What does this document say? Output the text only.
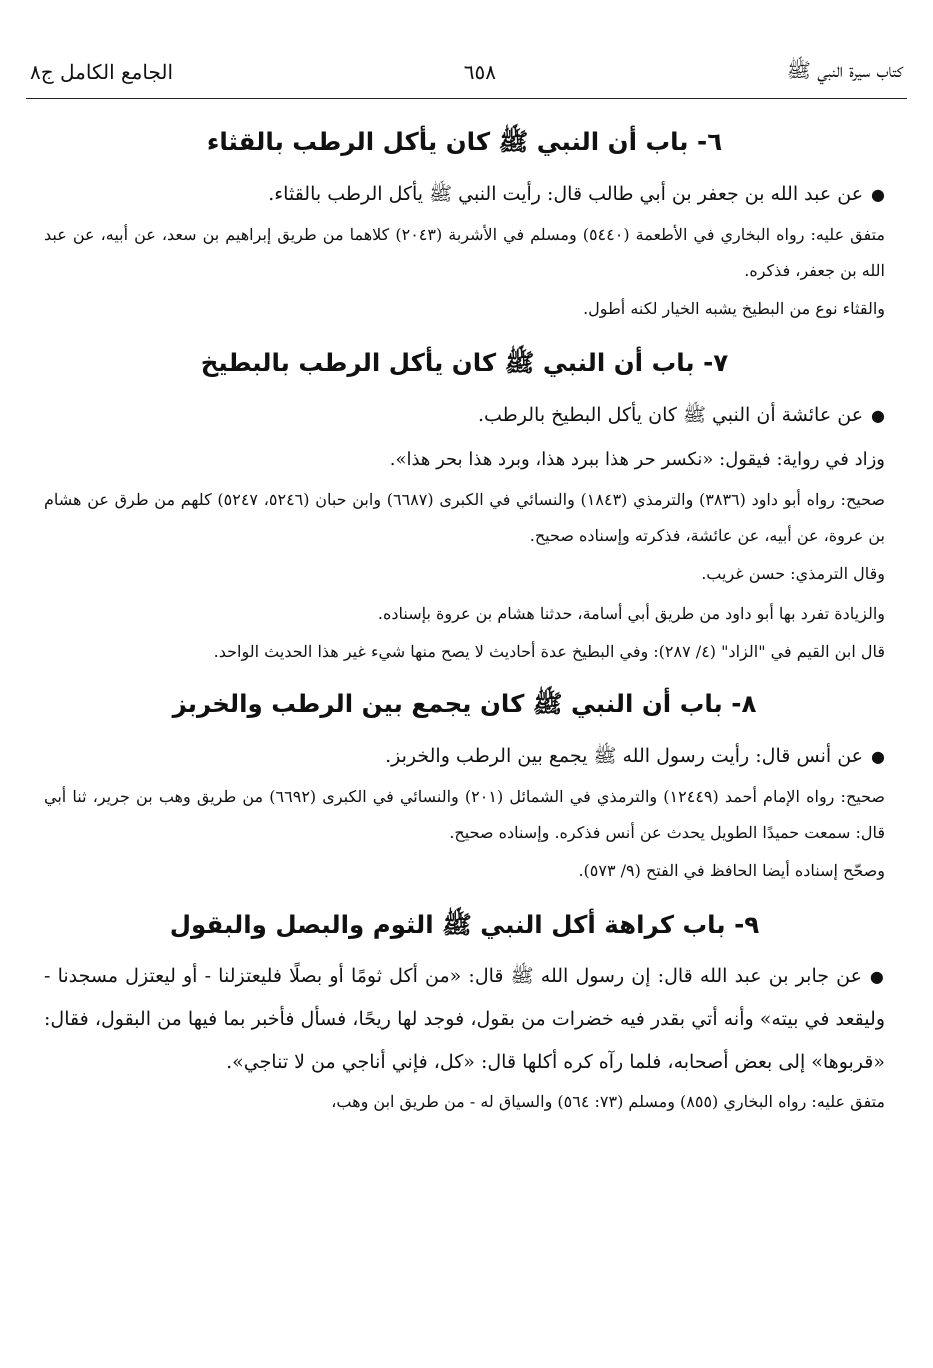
كتاب سيرة النبي ﷺ
٦٥٨
الجامع الكامل ج٨
٦- باب أن النبي ﷺ كان يأكل الرطب بالقثاء

●عن عبد الله بن جعفر بن أبي طالب قال: رأيت النبي ﷺ يأكل الرطب بالقثاء.

متفق عليه: رواه البخاري في الأطعمة (٥٤٤٠) ومسلم في الأشربة (٢٠٤٣) كلاهما من طريق إبراهيم بن سعد، عن أبيه، عن عبد الله بن جعفر، فذكره.

والقثاء نوع من البطيخ يشبه الخيار لكنه أطول.

٧- باب أن النبي ﷺ كان يأكل الرطب بالبطيخ

●عن عائشة أن النبي ﷺ كان يأكل البطيخ بالرطب.

وزاد في رواية: فيقول: «نكسر حر هذا ببرد هذا، وبرد هذا بحر هذا».

صحيح: رواه أبو داود (٣٨٣٦) والترمذي (١٨٤٣) والنسائي في الكبرى (٦٦٨٧) وابن حبان (٥٢٤٦، ٥٢٤٧) كلهم من طرق عن هشام بن عروة، عن أبيه، عن عائشة، فذكرته وإسناده صحيح.

وقال الترمذي: حسن غريب.

والزيادة تفرد بها أبو داود من طريق أبي أسامة، حدثنا هشام بن عروة بإسناده.

قال ابن القيم في "الزاد" (٤/ ٢٨٧): وفي البطيخ عدة أحاديث لا يصح منها شيء غير هذا الحديث الواحد.

٨- باب أن النبي ﷺ كان يجمع بين الرطب والخربز

●عن أنس قال: رأيت رسول الله ﷺ يجمع بين الرطب والخربز.

صحيح: رواه الإمام أحمد (١٢٤٤٩) والترمذي في الشمائل (٢٠١) والنسائي في الكبرى (٦٦٩٢) من طريق وهب بن جرير، ثنا أبي قال: سمعت حميدًا الطويل يحدث عن أنس فذكره. وإسناده صحيح.

وصحّح إسناده أيضا الحافظ في الفتح (٩/ ٥٧٣).

٩- باب كراهة أكل النبي ﷺ الثوم والبصل والبقول

●عن جابر بن عبد الله قال: إن رسول الله ﷺ قال: «من أكل ثومًا أو بصلًا فليعتزلنا - أو ليعتزل مسجدنا - وليقعد في بيته» وأنه أتي بقدر فيه خضرات من بقول، فوجد لها ريحًا، فسأل فأخبر بما فيها من البقول، فقال: «قربوها» إلى بعض أصحابه، فلما رآه كره أكلها قال: «كل، فإني أناجي من لا تناجي».

متفق عليه: رواه البخاري (٨٥٥) ومسلم (٧٣: ٥٦٤) والسياق له - من طريق ابن وهب،
